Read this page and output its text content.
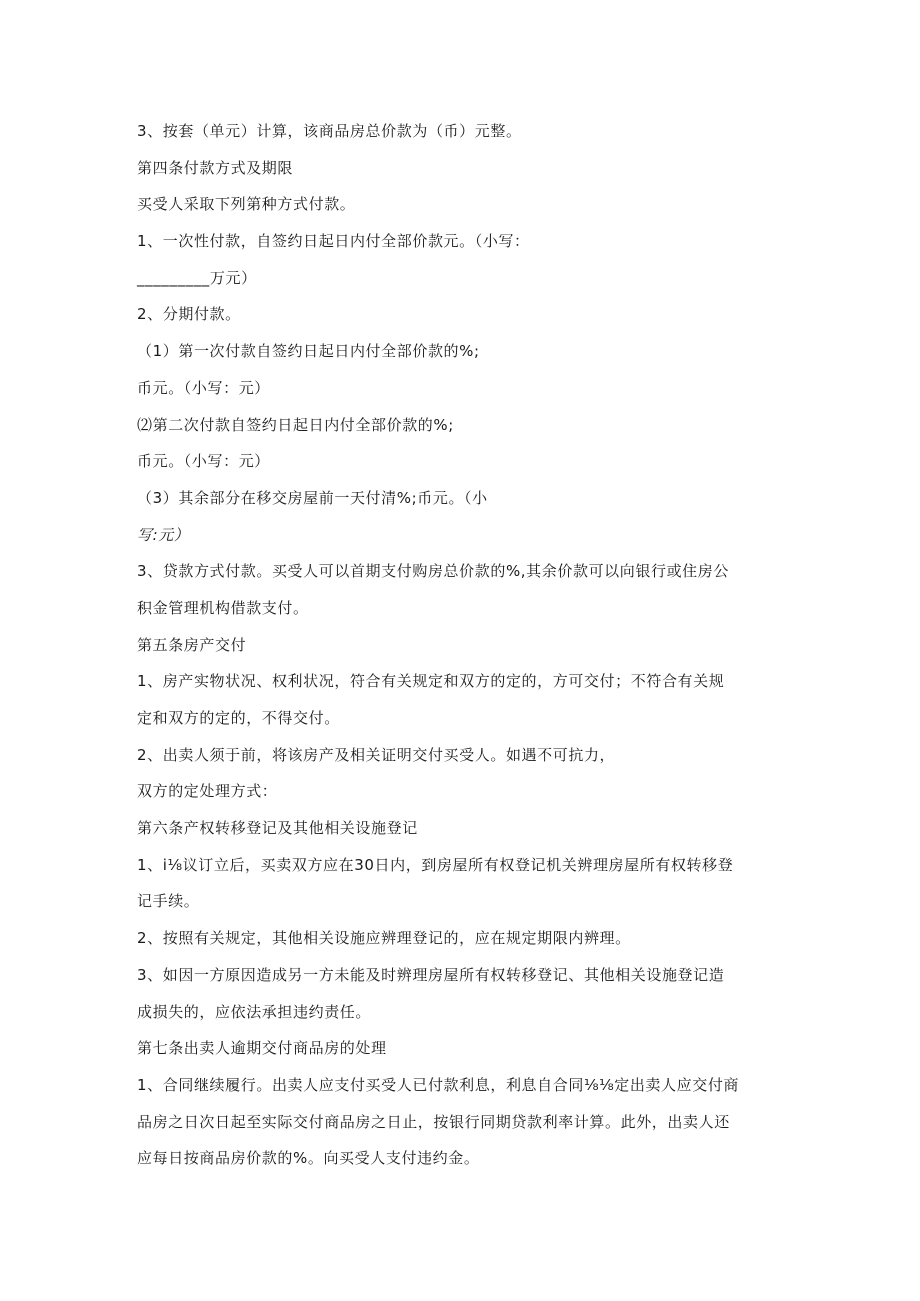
3、按套（单元）计算，该商品房总价款为（币）元整。
第四条付款方式及期限
买受人采取下列第种方式付款。
1、一次性付款，自签约日起日内付全部价款元。（小写：
_________万元）
2、分期付款。
（1）第一次付款自签约日起日内付全部价款的%;
币元。（小写：元）
⑵第二次付款自签约日起日内付全部价款的%;
币元。（小写：元）
（3）其余部分在移交房屋前一天付清%;币元。（小
写:元）
3、贷款方式付款。买受人可以首期支付购房总价款的%,其余价款可以向银行或住房公
积金管理机构借款支付。
第五条房产交付
1、房产实物状况、权利状况，符合有关规定和双方的定的，方可交付；不符合有关规
定和双方的定的，不得交付。
2、出卖人须于前，将该房产及相关证明交付买受人。如遇不可抗力，
双方的定处理方式：
第六条产权转移登记及其他相关设施登记
1、i⅛议订立后，买卖双方应在30日内，到房屋所有权登记机关辨理房屋所有权转移登
记手续。
2、按照有关规定，其他相关设施应辨理登记的，应在规定期限内辨理。
3、如因一方原因造成另一方未能及时辨理房屋所有权转移登记、其他相关设施登记造
成损失的，应依法承担违约责任。
第七条出卖人逾期交付商品房的处理
1、合同继续履行。出卖人应支付买受人已付款利息，利息自合同⅛⅛定出卖人应交付商
品房之日次日起至实际交付商品房之日止，按银行同期贷款利率计算。此外，出卖人还
应每日按商品房价款的%。向买受人支付违约金。
